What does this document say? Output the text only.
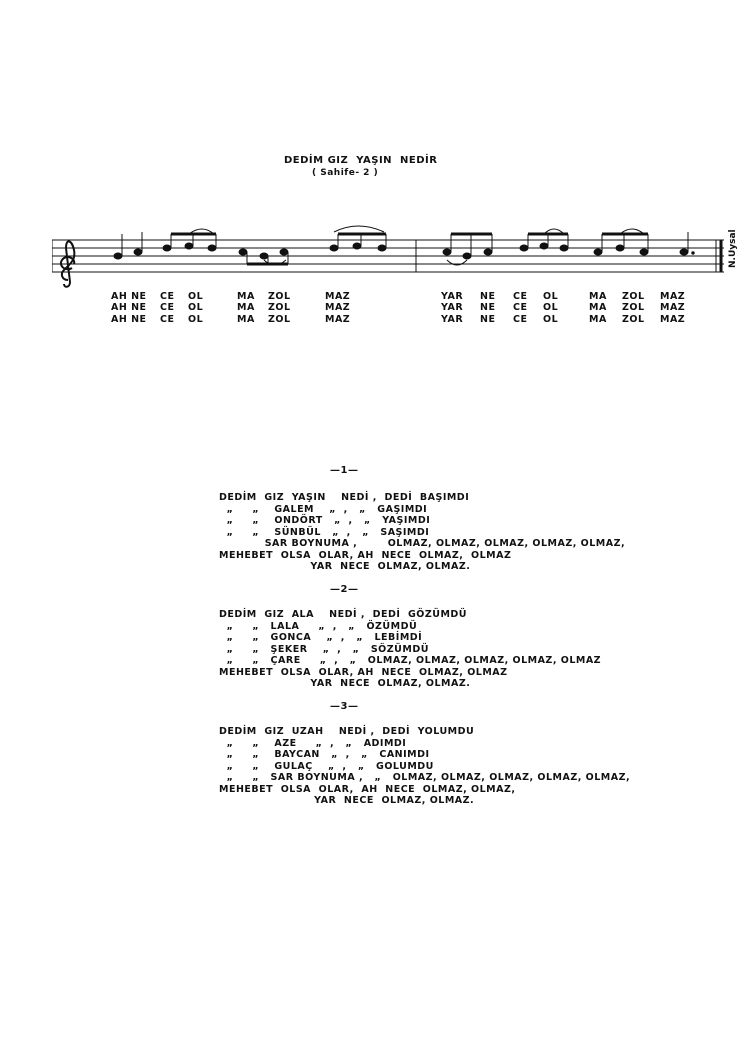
DEDİM GIZ  YAŞIN  NEDİR
( Sahife- 2 )
N.Uysal
AH NE CE OL	MA ZOL	MAZ	YAR NE CE OL	MA ZOL MAZ
AH NE CE OL	MA ZOL	MAZ	YAR NE CE OL	MA ZOL MAZ
AH NE CE OL	MA ZOL	MAZ	YAR NE CE OL	MA ZOL MAZ
—1—
DEDİM  GIZ  YAŞIN    NEDİ ,  DEDİ  BAŞIMDI
„     „    GALEM    „  ,   „   GAŞIMDI
„     „    ONDÖRT   „  ,   „   YAŞIMDI
„     „    SÜNBÜL   „  ,   „   SAŞIMDI
SAR BOYNUMA ,        OLMAZ, OLMAZ, OLMAZ, OLMAZ, OLMAZ,
MEHEBET  OLSA  OLAR, AH  NECE  OLMAZ,  OLMAZ
YAR  NECE  OLMAZ, OLMAZ.
—2—
DEDİM  GIZ  ALA    NEDİ ,  DEDİ  GÖZÜMDÜ
„     „   LALA     „  ,   „   ÖZÜMDÜ
„     „   GONCA    „  ,   „   LEBİMDİ
„     „   ŞEKER    „  ,   „   SÖZÜMDÜ
„     „   ÇARE     „  ,   „   OLMAZ, OLMAZ, OLMAZ, OLMAZ, OLMAZ
MEHEBET  OLSA  OLAR, AH  NECE  OLMAZ, OLMAZ
YAR  NECE  OLMAZ, OLMAZ.
—3—
DEDİM  GIZ  UZAH    NEDİ ,  DEDİ  YOLUMDU
„     „    AZE     „  ,   „   ADIMDI
„     „    BAYCAN   „  ,   „   CANIMDI
„     „    GULAÇ    „  ,   „   GOLUMDU
„     „   SAR BOYNUMA ,   „   OLMAZ, OLMAZ, OLMAZ, OLMAZ, OLMAZ,
MEHEBET  OLSA  OLAR,  AH  NECE  OLMAZ, OLMAZ,
YAR  NECE  OLMAZ, OLMAZ.
